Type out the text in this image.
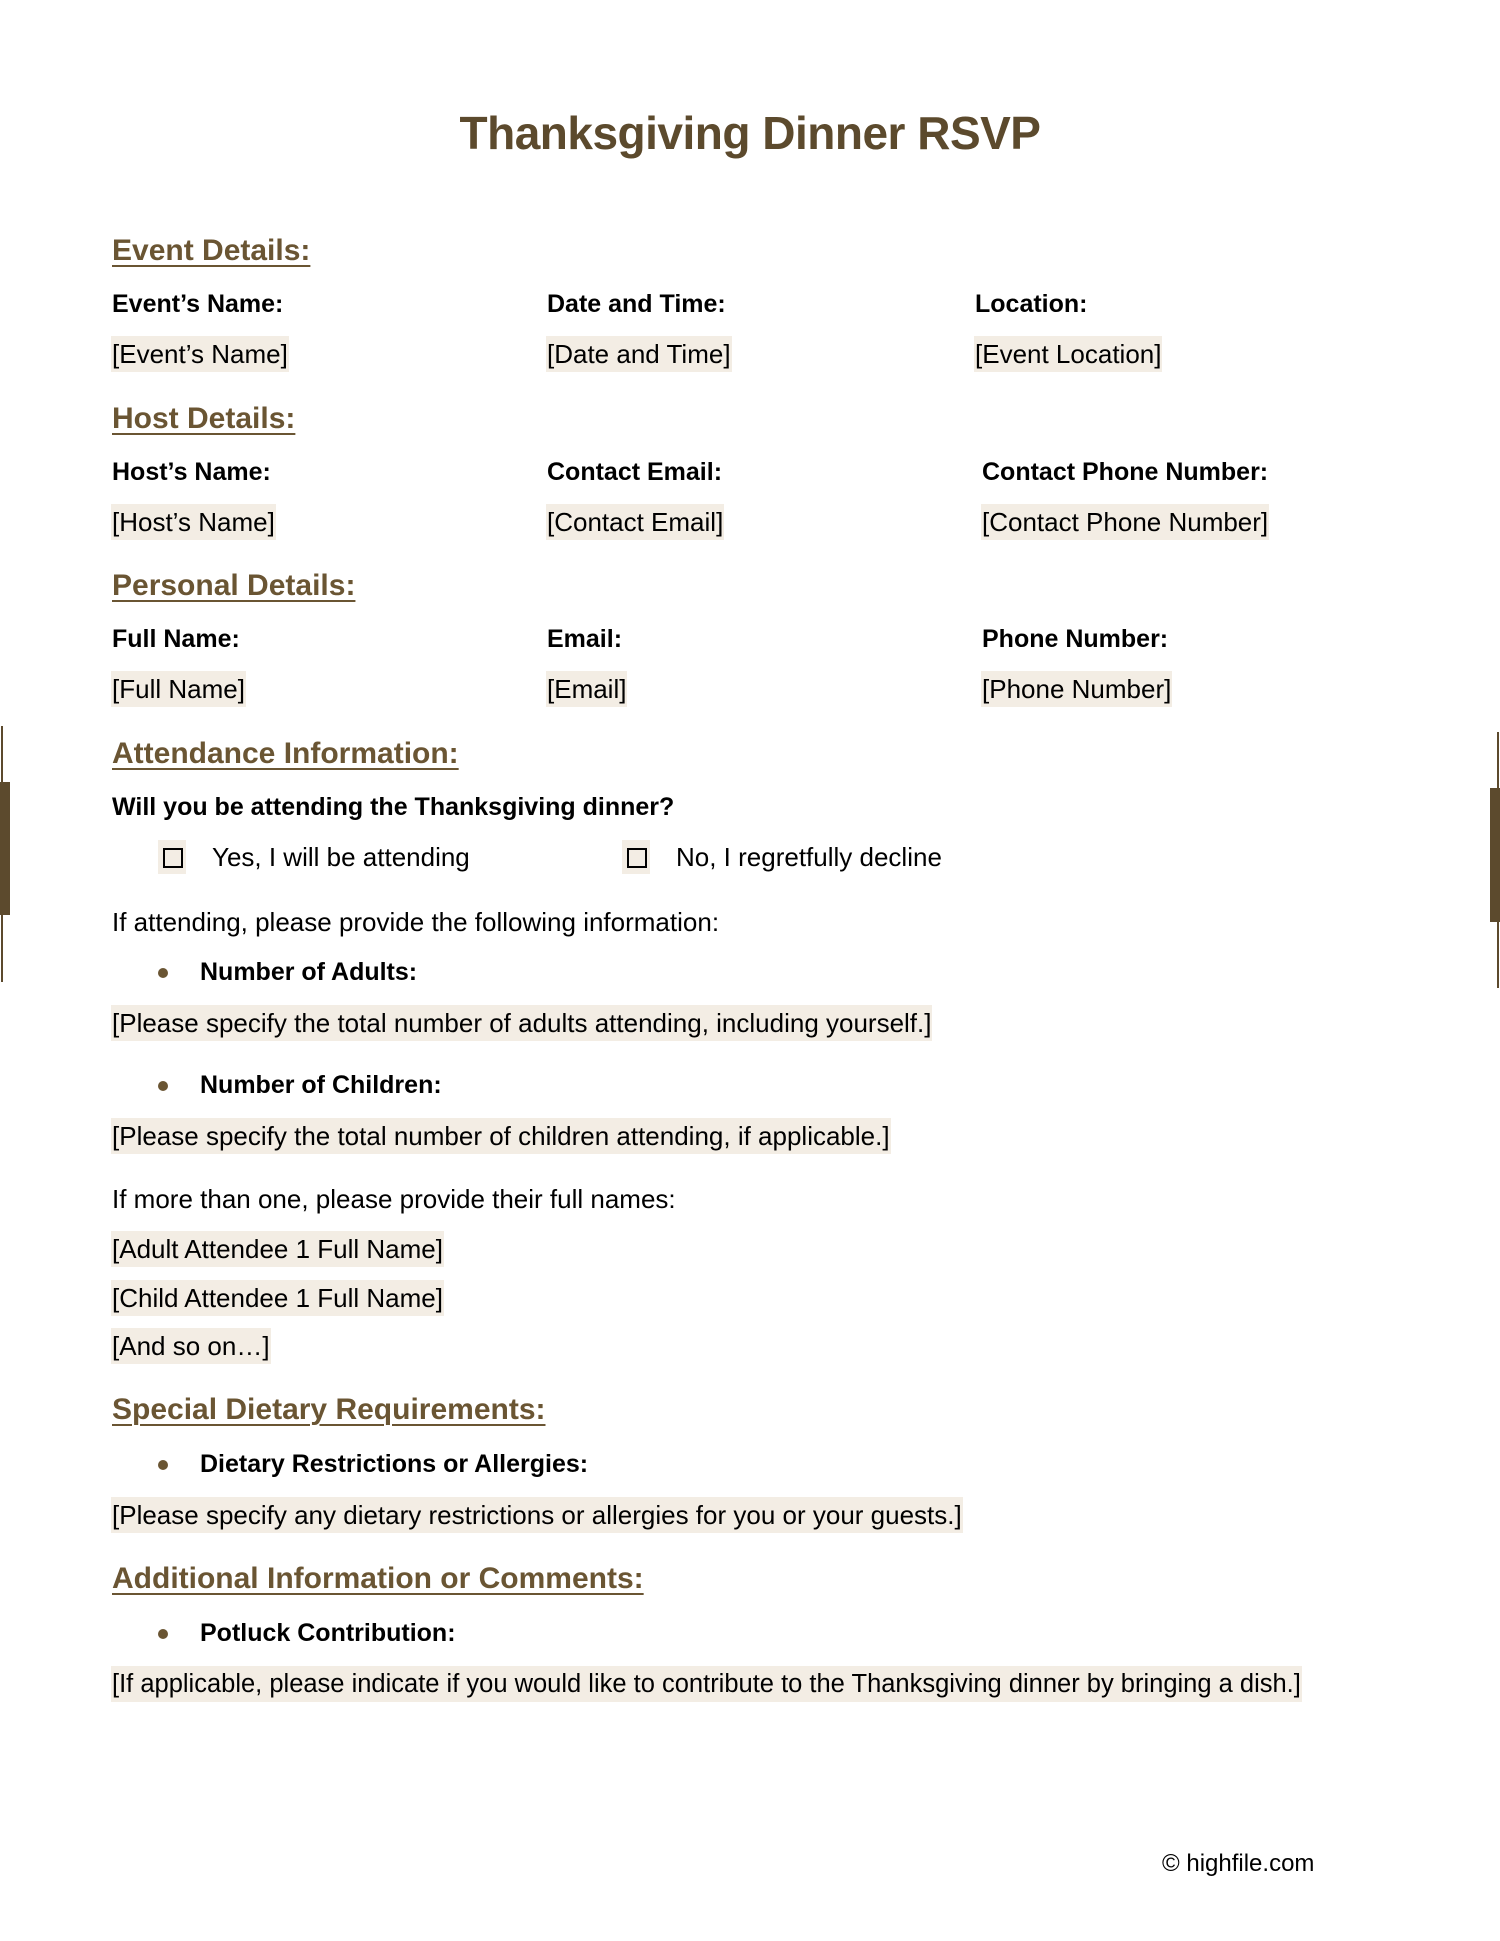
Thanksgiving Dinner RSVP
Event Details:
Event’s Name:	Date and Time:	Location:
[Event’s Name]	[Date and Time]	[Event Location]
Host Details:
Host’s Name:	Contact Email:	Contact Phone Number:
[Host’s Name]	[Contact Email]	[Contact Phone Number]
Personal Details:
Full Name:	Email:	Phone Number:
[Full Name]	[Email]	[Phone Number]
Attendance Information:
Will you be attending the Thanksgiving dinner?
Yes, I will be attending	No, I regretfully decline
If attending, please provide the following information:
Number of Adults:
[Please specify the total number of adults attending, including yourself.]
Number of Children:
[Please specify the total number of children attending, if applicable.]
If more than one, please provide their full names:
[Adult Attendee 1 Full Name]
[Child Attendee 1 Full Name]
[And so on…]
Special Dietary Requirements:
Dietary Restrictions or Allergies:
[Please specify any dietary restrictions or allergies for you or your guests.]
Additional Information or Comments:
Potluck Contribution:
[If applicable, please indicate if you would like to contribute to the Thanksgiving dinner by bringing a dish.]
© highfile.com
